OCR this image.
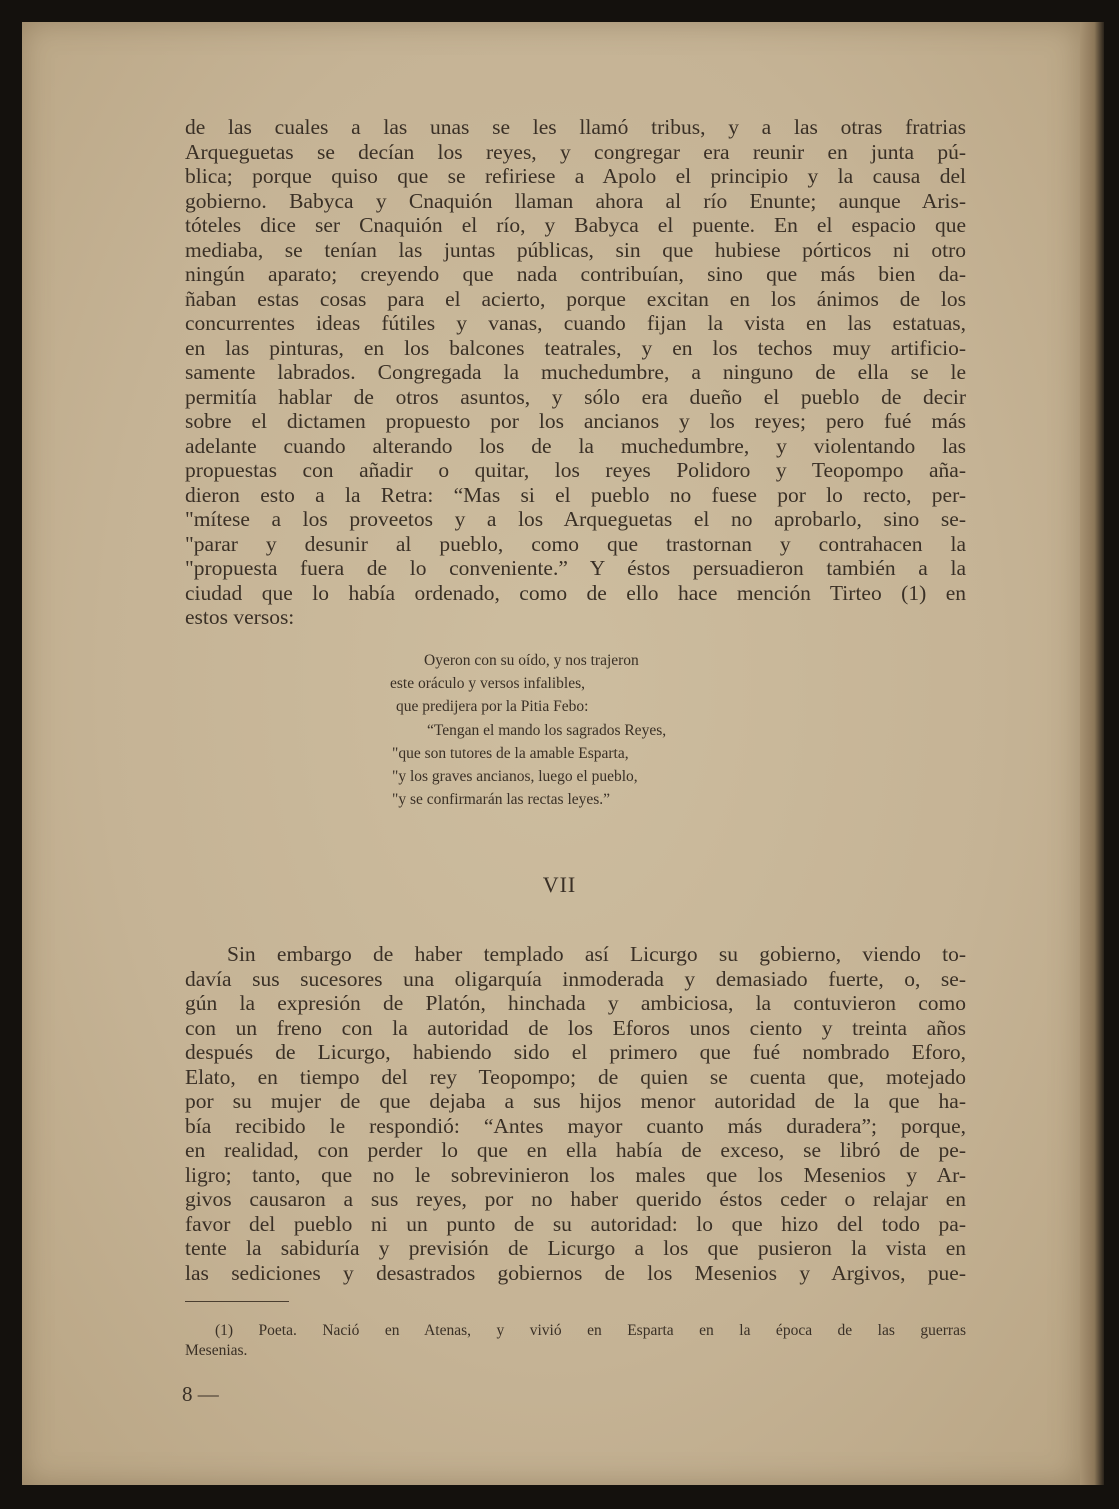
de las cuales a las unas se les llamó tribus, y a las otras fratrias
Arqueguetas se decían los reyes, y congregar era reunir en junta pú-
blica; porque quiso que se refiriese a Apolo el principio y la causa del
gobierno. Babyca y Cnaquión llaman ahora al río Enunte; aunque Aris-
tóteles dice ser Cnaquión el río, y Babyca el puente. En el espacio que
mediaba, se tenían las juntas públicas, sin que hubiese pórticos ni otro
ningún aparato; creyendo que nada contribuían, sino que más bien da-
ñaban estas cosas para el acierto, porque excitan en los ánimos de los
concurrentes ideas fútiles y vanas, cuando fijan la vista en las estatuas,
en las pinturas, en los balcones teatrales, y en los techos muy artificio-
samente labrados. Congregada la muchedumbre, a ninguno de ella se le
permitía hablar de otros asuntos, y sólo era dueño el pueblo de decir
sobre el dictamen propuesto por los ancianos y los reyes; pero fué más
adelante cuando alterando los de la muchedumbre, y violentando las
propuestas con añadir o quitar, los reyes Polidoro y Teopompo aña-
dieron esto a la Retra: “Mas si el pueblo no fuese por lo recto, per-
"mítese a los proveetos y a los Arqueguetas el no aprobarlo, sino se-
"parar y desunir al pueblo, como que trastornan y contrahacen la
"propuesta fuera de lo conveniente.” Y éstos persuadieron también a la
ciudad que lo había ordenado, como de ello hace mención Tirteo (1) en
estos versos:
Oyeron con su oído, y nos trajeron
este oráculo y versos infalibles,
que predijera por la Pitia Febo:
“Tengan el mando los sagrados Reyes,
"que son tutores de la amable Esparta,
"y los graves ancianos, luego el pueblo,
"y se confirmarán las rectas leyes.”
VII
Sin embargo de haber templado así Licurgo su gobierno, viendo to-
davía sus sucesores una oligarquía inmoderada y demasiado fuerte, o, se-
gún la expresión de Platón, hinchada y ambiciosa, la contuvieron como
con un freno con la autoridad de los Eforos unos ciento y treinta años
después de Licurgo, habiendo sido el primero que fué nombrado Eforo,
Elato, en tiempo del rey Teopompo; de quien se cuenta que, motejado
por su mujer de que dejaba a sus hijos menor autoridad de la que ha-
bía recibido le respondió: “Antes mayor cuanto más duradera”; porque,
en realidad, con perder lo que en ella había de exceso, se libró de pe-
ligro; tanto, que no le sobrevinieron los males que los Mesenios y Ar-
givos causaron a sus reyes, por no haber querido éstos ceder o relajar en
favor del pueblo ni un punto de su autoridad: lo que hizo del todo pa-
tente la sabiduría y previsión de Licurgo a los que pusieron la vista en
las sediciones y desastrados gobiernos de los Mesenios y Argivos, pue-
(1) Poeta. Nació en Atenas, y vivió en Esparta en la época de las guerras
Mesenias.
8 —
